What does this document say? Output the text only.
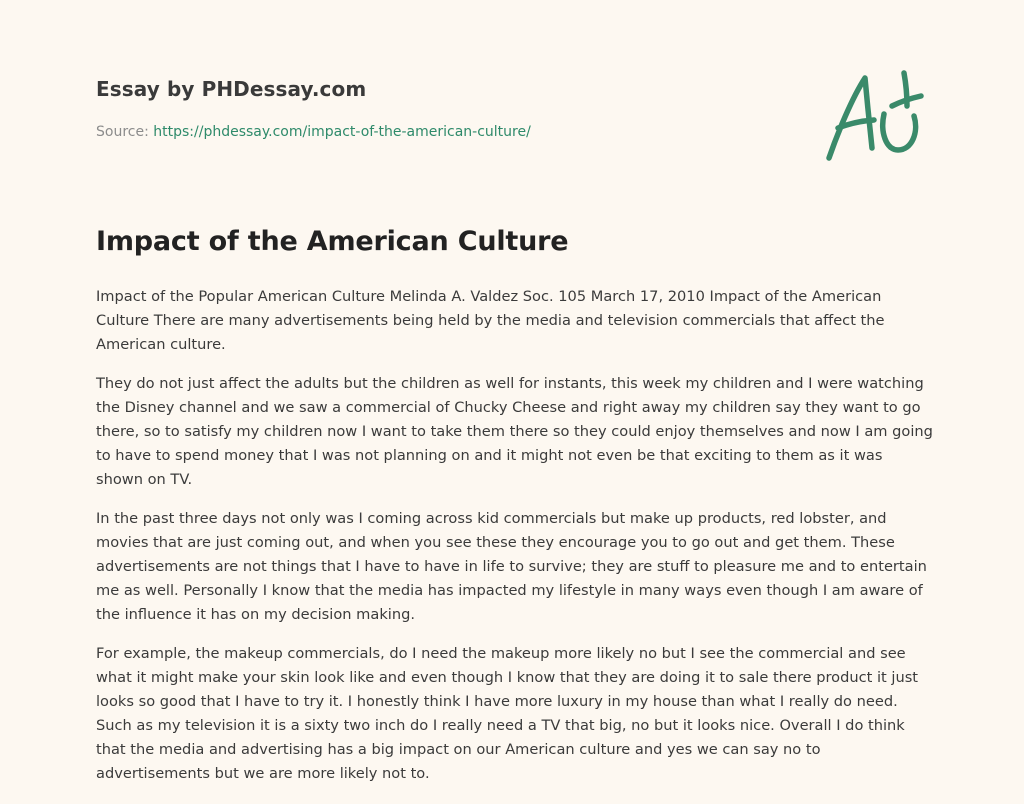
Essay by PHDessay.com
Source: https://phdessay.com/impact-of-the-american-culture/
Impact of the American Culture

Impact of the Popular American Culture Melinda A. Valdez Soc. 105 March 17, 2010 Impact of the American Culture There are many advertisements being held by the media and television commercials that affect the American culture.

They do not just affect the adults but the children as well for instants, this week my children and I were watching the Disney channel and we saw a commercial of Chucky Cheese and right away my children say they want to go there, so to satisfy my children now I want to take them there so they could enjoy themselves and now I am going to have to spend money that I was not planning on and it might not even be that exciting to them as it was shown on TV.

In the past three days not only was I coming across kid commercials but make up products, red lobster, and movies that are just coming out, and when you see these they encourage you to go out and get them. These advertisements are not things that I have to have in life to survive; they are stuff to pleasure me and to entertain me as well. Personally I know that the media has impacted my lifestyle in many ways even though I am aware of the influence it has on my decision making.

For example, the makeup commercials, do I need the makeup more likely no but I see the commercial and see what it might make your skin look like and even though I know that they are doing it to sale there product it just looks so good that I have to try it. I honestly think I have more luxury in my house than what I really do need. Such as my television it is a sixty two inch do I really need a TV that big, no but it looks nice. Overall I do think that the media and advertising has a big impact on our American culture and yes we can say no to advertisements but we are more likely not to.
